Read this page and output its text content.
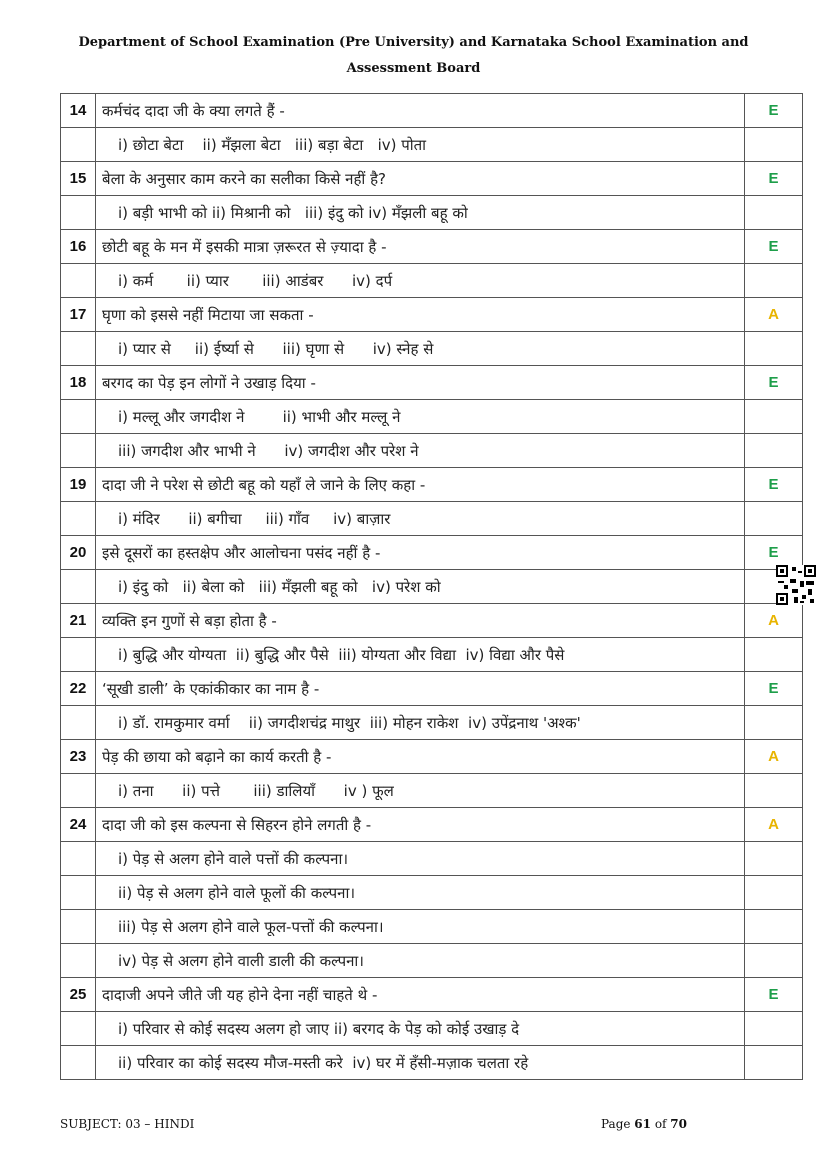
Department of School Examination (Pre University) and Karnataka School Examination and
Assessment Board
14	कर्मचंद दादा जी के क्या लगते हैं -	E
	i) छोटा बेटा    ii) मँझला बेटा   iii) बड़ा बेटा   iv) पोता	
15	बेला के अनुसार काम करने का सलीका किसे नहीं है?	E
	i) बड़ी भाभी को ii) मिश्रानी को   iii) इंदु को iv) मँझली बहू को	
16	छोटी बहू के मन में इसकी मात्रा ज़रूरत से ज़्यादा है -	E
	i) कर्म       ii) प्यार       iii) आडंबर      iv) दर्प	
17	घृणा को इससे नहीं मिटाया जा सकता -	A
	i) प्यार से     ii) ईर्ष्या से      iii) घृणा से      iv) स्नेह से	
18	बरगद का पेड़ इन लोगों ने उखाड़ दिया -	E
	i) मल्लू और जगदीश ने        ii) भाभी और मल्लू ने	
	iii) जगदीश और भाभी ने      iv) जगदीश और परेश ने	
19	दादा जी ने परेश से छोटी बहू को यहाँ ले जाने के लिए कहा -	E
	i) मंदिर      ii) बगीचा     iii) गाँव     iv) बाज़ार	
20	इसे दूसरों का हस्तक्षेप और आलोचना पसंद नहीं है -	E
	i) इंदु को   ii) बेला को   iii) मँझली बहू को   iv) परेश को	
21	व्यक्ति इन गुणों से बड़ा होता है -	A
	i) बुद्धि और योग्यता  ii) बुद्धि और पैसे  iii) योग्यता और विद्या  iv) विद्या और पैसे	
22	‘सूखी डाली’ के एकांकीकार का नाम है -	E
	i) डॉ. रामकुमार वर्मा    ii) जगदीशचंद्र माथुर  iii) मोहन राकेश  iv) उपेंद्रनाथ 'अश्क'	
23	पेड़ की छाया को बढ़ाने का कार्य करती है -	A
	i) तना      ii) पत्ते       iii) डालियाँ      iv ) फूल	
24	दादा जी को इस कल्पना से सिहरन होने लगती है -	A
	i) पेड़ से अलग होने वाले पत्तों की कल्पना।	
	ii) पेड़ से अलग होने वाले फूलों की कल्पना।	
	iii) पेड़ से अलग होने वाले फूल-पत्तों की कल्पना।	
	iv) पेड़ से अलग होने वाली डाली की कल्पना।	
25	दादाजी अपने जीते जी यह होने देना नहीं चाहते थे -	E
	i) परिवार से कोई सदस्य अलग हो जाए ii) बरगद के पेड़ को कोई उखाड़ दे	
	ii) परिवार का कोई सदस्य मौज-मस्ती करे  iv) घर में हँसी-मज़ाक चलता रहे	
SUBJECT: 03 – HINDI	Page 61 of 70
